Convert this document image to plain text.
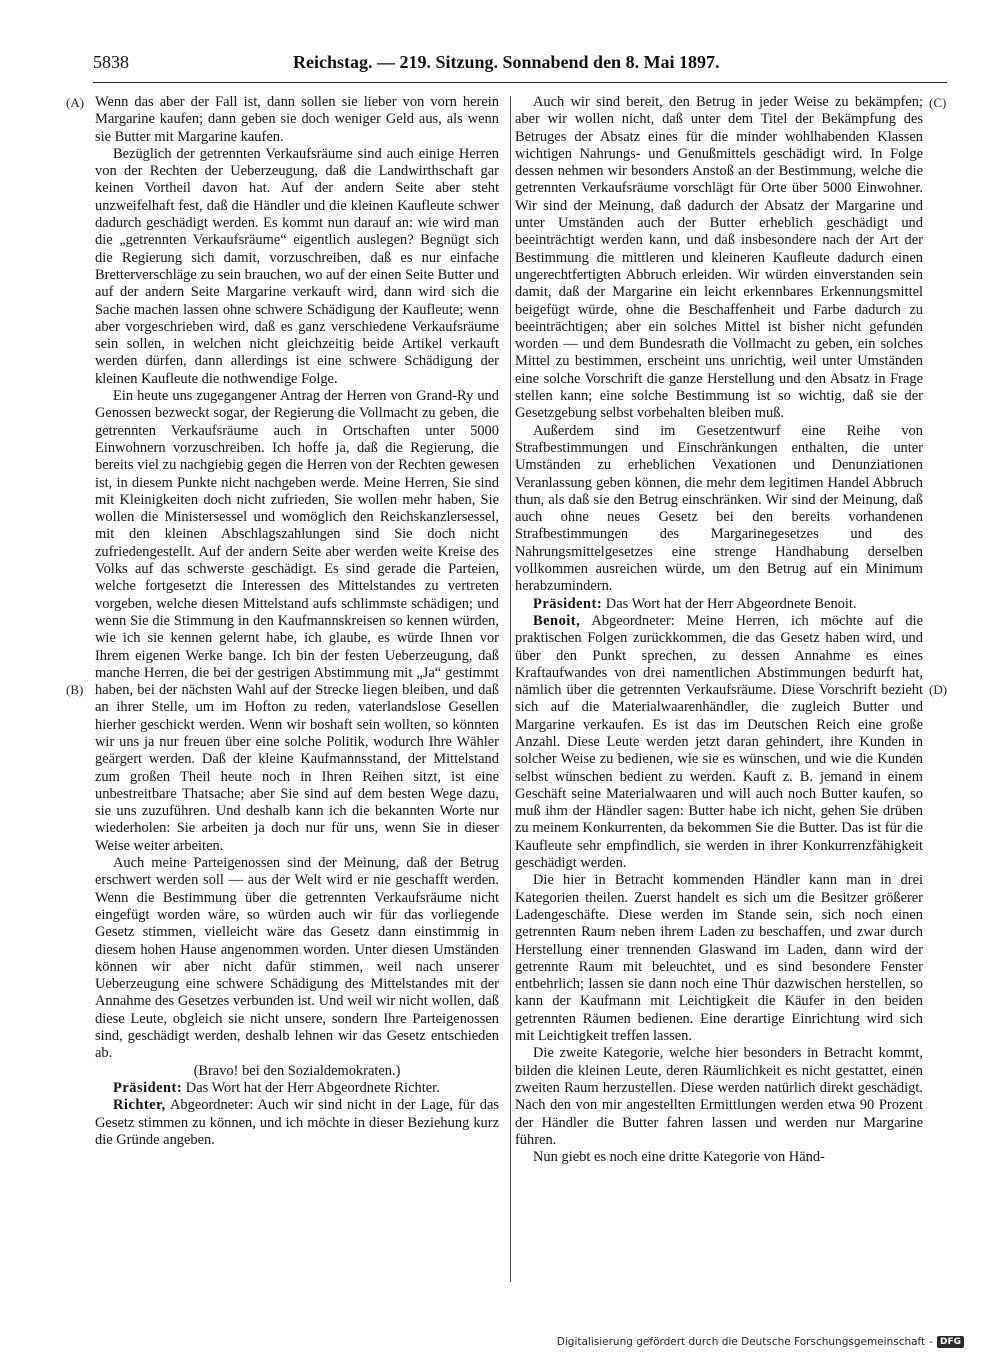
5838	Reichstag. — 219. Sitzung. Sonnabend den 8. Mai 1897.
(A)
(B)
(C)
(D)

Wenn das aber der Fall ist, dann sollen sie lieber von vorn herein Margarine kaufen; dann geben sie doch weniger Geld aus, als wenn sie Butter mit Margarine kaufen.

Bezüglich der getrennten Verkaufsräume sind auch einige Herren von der Rechten der Ueberzeugung, daß die Landwirthschaft gar keinen Vortheil davon hat. Auf der andern Seite aber steht unzweifelhaft fest, daß die Händler und die kleinen Kaufleute schwer dadurch geschädigt werden. Es kommt nun darauf an: wie wird man die „getrennten Verkaufsräume“ eigentlich auslegen? Begnügt sich die Regierung sich damit, vorzuschreiben, daß es nur einfache Bretterverschläge zu sein brauchen, wo auf der einen Seite Butter und auf der andern Seite Margarine verkauft wird, dann wird sich die Sache machen lassen ohne schwere Schädigung der Kaufleute; wenn aber vorgeschrieben wird, daß es ganz verschiedene Verkaufsräume sein sollen, in welchen nicht gleichzeitig beide Artikel verkauft werden dürfen, dann allerdings ist eine schwere Schädigung der kleinen Kaufleute die nothwendige Folge.

Ein heute uns zugegangener Antrag der Herren von Grand-Ry und Genossen bezweckt sogar, der Regierung die Vollmacht zu geben, die getrennten Verkaufsräume auch in Ortschaften unter 5000 Einwohnern vorzuschreiben. Ich hoffe ja, daß die Regierung, die bereits viel zu nachgiebig gegen die Herren von der Rechten gewesen ist, in diesem Punkte nicht nachgeben werde. Meine Herren, Sie sind mit Kleinigkeiten doch nicht zufrieden, Sie wollen mehr haben, Sie wollen die Ministersessel und womöglich den Reichskanzlersessel, mit den kleinen Abschlagszahlungen sind Sie doch nicht zufriedengestellt. Auf der andern Seite aber werden weite Kreise des Volks auf das schwerste geschädigt. Es sind gerade die Parteien, welche fortgesetzt die Interessen des Mittelstandes zu vertreten vorgeben, welche diesen Mittelstand aufs schlimmste schädigen; und wenn Sie die Stimmung in den Kaufmannskreisen so kennen würden, wie ich sie kennen gelernt habe, ich glaube, es würde Ihnen vor Ihrem eigenen Werke bange. Ich bin der festen Ueberzeugung, daß manche Herren, die bei der gestrigen Abstimmung mit „Ja“ gestimmt haben, bei der nächsten Wahl auf der Strecke liegen bleiben, und daß an ihrer Stelle, um im Hofton zu reden, vaterlandslose Gesellen hierher geschickt werden. Wenn wir boshaft sein wollten, so könnten wir uns ja nur freuen über eine solche Politik, wodurch Ihre Wähler geärgert werden. Daß der kleine Kaufmannsstand, der Mittelstand zum großen Theil heute noch in Ihren Reihen sitzt, ist eine unbestreitbare Thatsache; aber Sie sind auf dem besten Wege dazu, sie uns zuzuführen. Und deshalb kann ich die bekannten Worte nur wiederholen: Sie arbeiten ja doch nur für uns, wenn Sie in dieser Weise weiter arbeiten.

Auch meine Parteigenossen sind der Meinung, daß der Betrug erschwert werden soll — aus der Welt wird er nie geschafft werden. Wenn die Bestimmung über die getrennten Verkaufsräume nicht eingefügt worden wäre, so würden auch wir für das vorliegende Gesetz stimmen, vielleicht wäre das Gesetz dann einstimmig in diesem hohen Hause angenommen worden. Unter diesen Umständen können wir aber nicht dafür stimmen, weil nach unserer Ueberzeugung eine schwere Schädigung des Mittelstandes mit der Annahme des Gesetzes verbunden ist. Und weil wir nicht wollen, daß diese Leute, obgleich sie nicht unsere, sondern Ihre Parteigenossen sind, geschädigt werden, deshalb lehnen wir das Gesetz entschieden ab.

(Bravo! bei den Sozialdemokraten.)

Präsident: Das Wort hat der Herr Abgeordnete Richter.

Richter, Abgeordneter: Auch wir sind nicht in der Lage, für das Gesetz stimmen zu können, und ich möchte in dieser Beziehung kurz die Gründe angeben.

Auch wir sind bereit, den Betrug in jeder Weise zu bekämpfen; aber wir wollen nicht, daß unter dem Titel der Bekämpfung des Betruges der Absatz eines für die minder wohlhabenden Klassen wichtigen Nahrungs- und Genußmittels geschädigt wird. In Folge dessen nehmen wir besonders Anstoß an der Bestimmung, welche die getrennten Verkaufsräume vorschlägt für Orte über 5000 Einwohner. Wir sind der Meinung, daß dadurch der Absatz der Margarine und unter Umständen auch der Butter erheblich geschädigt und beeinträchtigt werden kann, und daß insbesondere nach der Art der Bestimmung die mittleren und kleineren Kaufleute dadurch einen ungerechtfertigten Abbruch erleiden. Wir würden einverstanden sein damit, daß der Margarine ein leicht erkennbares Erkennungsmittel beigefügt würde, ohne die Beschaffenheit und Farbe dadurch zu beeinträchtigen; aber ein solches Mittel ist bisher nicht gefunden worden — und dem Bundesrath die Vollmacht zu geben, ein solches Mittel zu bestimmen, erscheint uns unrichtig, weil unter Umständen eine solche Vorschrift die ganze Herstellung und den Absatz in Frage stellen kann; eine solche Bestimmung ist so wichtig, daß sie der Gesetzgebung selbst vorbehalten bleiben muß.

Außerdem sind im Gesetzentwurf eine Reihe von Strafbestimmungen und Einschränkungen enthalten, die unter Umständen zu erheblichen Vexationen und Denunziationen Veranlassung geben können, die mehr dem legitimen Handel Abbruch thun, als daß sie den Betrug einschränken. Wir sind der Meinung, daß auch ohne neues Gesetz bei den bereits vorhandenen Strafbestimmungen des Margarinegesetzes und des Nahrungsmittelgesetzes eine strenge Handhabung derselben vollkommen ausreichen würde, um den Betrug auf ein Minimum herabzumindern.

Präsident: Das Wort hat der Herr Abgeordnete Benoit.

Benoit, Abgeordneter: Meine Herren, ich möchte auf die praktischen Folgen zurückkommen, die das Gesetz haben wird, und über den Punkt sprechen, zu dessen Annahme es eines Kraftaufwandes von drei namentlichen Abstimmungen bedurft hat, nämlich über die getrennten Verkaufsräume. Diese Vorschrift bezieht sich auf die Materialwaarenhändler, die zugleich Butter und Margarine verkaufen. Es ist das im Deutschen Reich eine große Anzahl. Diese Leute werden jetzt daran gehindert, ihre Kunden in solcher Weise zu bedienen, wie sie es wünschen, und wie die Kunden selbst wünschen bedient zu werden. Kauft z. B. jemand in einem Geschäft seine Materialwaaren und will auch noch Butter kaufen, so muß ihm der Händler sagen: Butter habe ich nicht, gehen Sie drüben zu meinem Konkurrenten, da bekommen Sie die Butter. Das ist für die Kaufleute sehr empfindlich, sie werden in ihrer Konkurrenzfähigkeit geschädigt werden.

Die hier in Betracht kommenden Händler kann man in drei Kategorien theilen. Zuerst handelt es sich um die Besitzer größerer Ladengeschäfte. Diese werden im Stande sein, sich noch einen getrennten Raum neben ihrem Laden zu beschaffen, und zwar durch Herstellung einer trennenden Glaswand im Laden, dann wird der getrennte Raum mit beleuchtet, und es sind besondere Fenster entbehrlich; lassen sie dann noch eine Thür dazwischen herstellen, so kann der Kaufmann mit Leichtigkeit die Käufer in den beiden getrennten Räumen bedienen. Eine derartige Einrichtung wird sich mit Leichtigkeit treffen lassen.

Die zweite Kategorie, welche hier besonders in Betracht kommt, bilden die kleinen Leute, deren Räumlichkeit es nicht gestattet, einen zweiten Raum herzustellen. Diese werden natürlich direkt geschädigt. Nach den von mir angestellten Ermittlungen werden etwa 90 Prozent der Händler die Butter fahren lassen und werden nur Margarine führen.

Nun giebt es noch eine dritte Kategorie von Händ-

Digitalisierung gefördert durch die Deutsche Forschungsgemeinschaft - DFG
